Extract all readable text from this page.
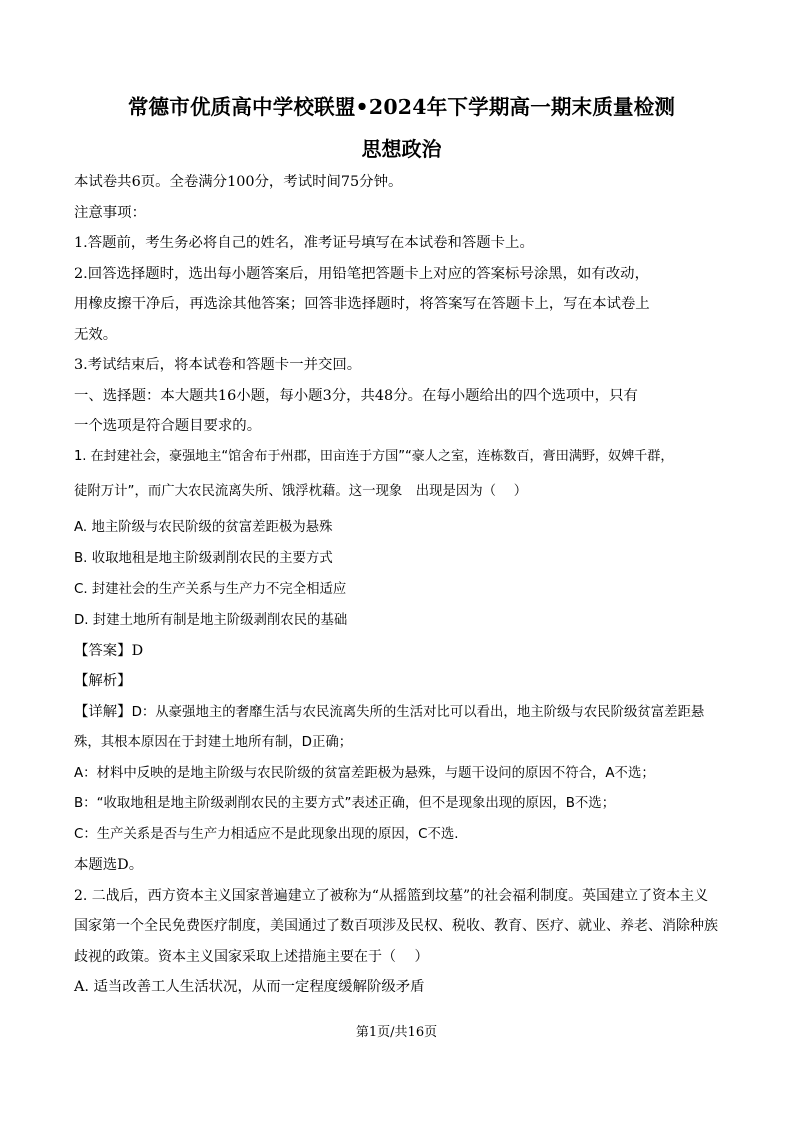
常德市优质高中学校联盟•2024年下学期高一期末质量检测

思想政治

本试卷共6页。全卷满分100分，考试时间75分钟。

注意事项：

1.答题前，考生务必将自己的姓名，准考证号填写在本试卷和答题卡上。

2.回答选择题时，选出每小题答案后，用铅笔把答题卡上对应的答案标号涂黑，如有改动，

用橡皮擦干净后，再选涂其他答案；回答非选择题时，将答案写在答题卡上，写在本试卷上

无效。

3.考试结束后，将本试卷和答题卡一并交回。

一、选择题：本大题共16小题，每小题3分，共48分。在每小题给出的四个选项中，只有

一个选项是符合题目要求的。

1. 在封建社会，豪强地主“馆舍布于州郡，田亩连于方国”“豪人之室，连栋数百，膏田满野，奴婢千群，

徒附万计”，而广大农民流离失所、饿浮枕藉。这一现象　出现是因为（　 ）

A. 地主阶级与农民阶级的贫富差距极为悬殊

B. 收取地租是地主阶级剥削农民的主要方式

C. 封建社会的生产关系与生产力不完全相适应

D. 封建土地所有制是地主阶级剥削农民的基础

【答案】D

【解析】

【详解】D：从豪强地主的奢靡生活与农民流离失所的生活对比可以看出，地主阶级与农民阶级贫富差距悬

殊，其根本原因在于封建土地所有制，D正确；

A：材料中反映的是地主阶级与农民阶级的贫富差距极为悬殊，与题干设问的原因不符合，A不选；

B：“收取地租是地主阶级剥削农民的主要方式”表述正确，但不是现象出现的原因，B不选；

C：生产关系是否与生产力相适应不是此现象出现的原因，C不选.

本题选D。

2. 二战后，西方资本主义国家普遍建立了被称为“从摇篮到坟墓”的社会福利制度。英国建立了资本主义

国家第一个全民免费医疗制度，美国通过了数百项涉及民权、税收、教育、医疗、就业、养老、消除种族

歧视的政策。资本主义国家采取上述措施主要在于（　 ）

A. 适当改善工人生活状况，从而一定程度缓解阶级矛盾

第1页/共16页
